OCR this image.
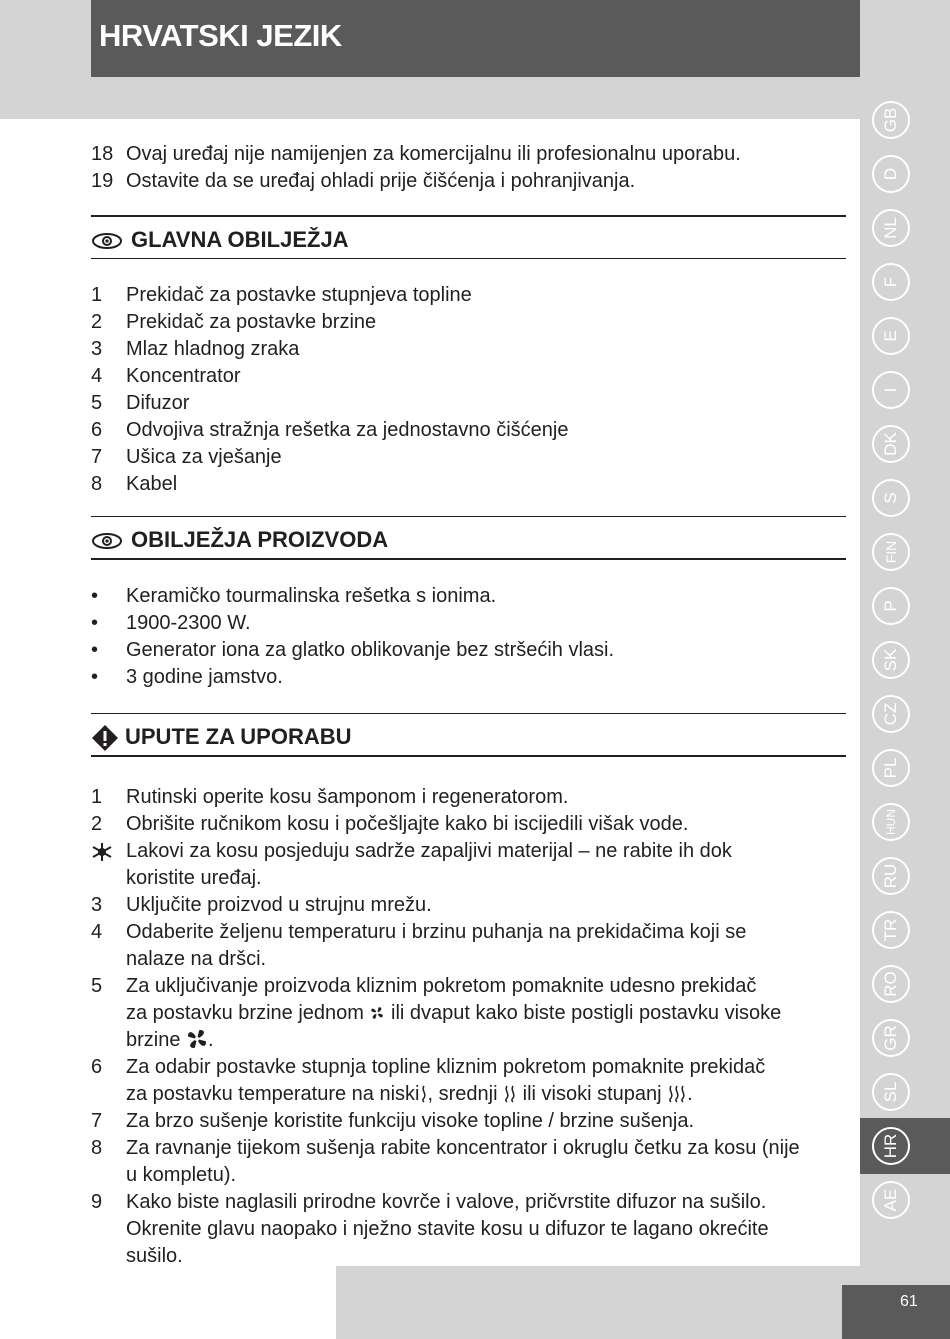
HRVATSKI JEZIK
18 Ovaj uređaj nije namijenjen za komercijalnu ili profesionalnu uporabu.
19 Ostavite da se uređaj ohladi prije čišćenja i pohranjivanja.
GLAVNA OBILJEŽJA
1 Prekidač za postavke stupnjeva topline
2 Prekidač za postavke brzine
3 Mlaz hladnog zraka
4 Koncentrator
5 Difuzor
6 Odvojiva stražnja rešetka za jednostavno čišćenje
7 Ušica za vješanje
8 Kabel
OBILJEŽJA PROIZVODA
• Keramičko tourmalinska rešetka s ionima.
• 1900-2300 W.
• Generator iona za glatko oblikovanje bez stršećih vlasi.
• 3 godine jamstvo.
UPUTE ZA UPORABU
1 Rutinski operite kosu šamponom i regeneratorom.
2 Obrišite ručnikom kosu i počešljajte kako bi iscijedili višak vode.
Lakovi za kosu posjeduju sadrže zapaljivi materijal – ne rabite ih dok
koristite uređaj.
3 Uključite proizvod u strujnu mrežu.
4 Odaberite željenu temperaturu i brzinu puhanja na prekidačima koji se
nalaze na dršci.
5 Za uključivanje proizvoda kliznim pokretom pomaknite udesno prekidač
za postavku brzine jednom ili dvaput kako biste postigli postavku visoke
brzine .
6 Za odabir postavke stupnja topline kliznim pokretom pomaknite prekidač
za postavku temperature na niski , srednji ili visoki stupanj .
7 Za brzo sušenje koristite funkciju visoke topline / brzine sušenja.
8 Za ravnanje tijekom sušenja rabite koncentrator i okruglu četku za kosu (nije
u kompletu).
9 Kako biste naglasili prirodne kovrče i valove, pričvrstite difuzor na sušilo.
Okrenite glavu naopako i nježno stavite kosu u difuzor te lagano okrećite
sušilo.
GB
D
NL
F
E
I
DK
S
FIN
P
SK
CZ
PL
HUN
RU
TR
RO
GR
SL
HR
AE
61
